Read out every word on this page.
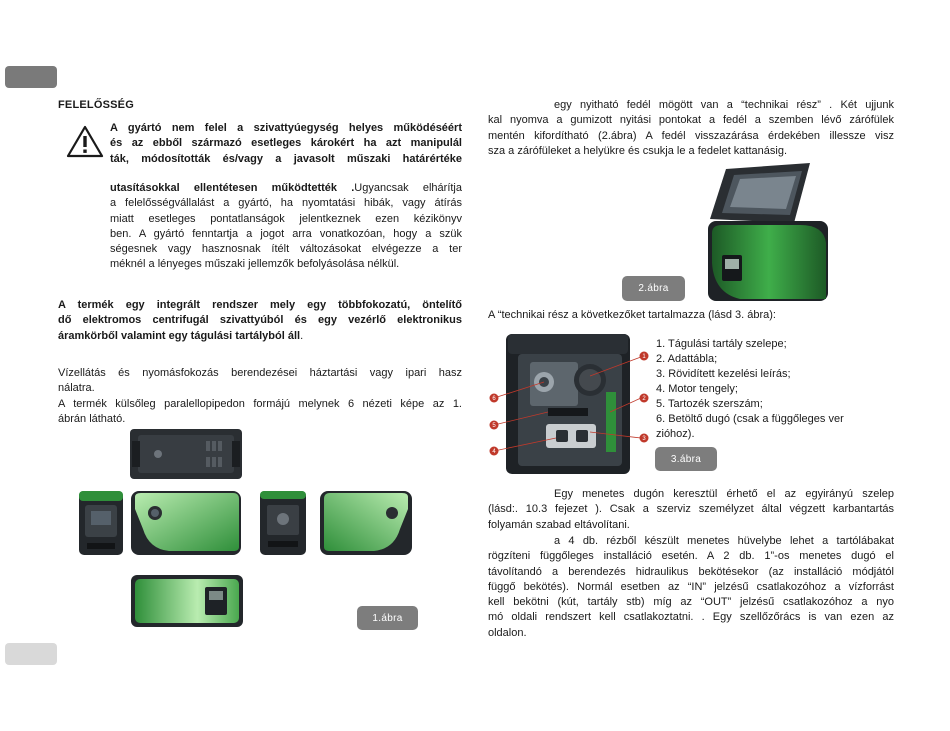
FELELŐSSÉG

A gyártó nem felel a szivattyúegység helyes működéséért

és az ebből származó esetleges károkért ha azt manipulál

ták, módosították és/vagy a javasolt műszaki határértéke

utasításokkal ellentétesen működtették .Ugyancsak elhárítja

a felelősségvállalást a gyártó, ha nyomtatási hibák, vagy átírás

miatt esetleges pontatlanságok jelentkeznek ezen kézikönyv

ben. A gyártó fenntartja a jogot arra vonatkozóan, hogy a szük

ségesnek vagy hasznosnak ítélt változásokat elvégezze a ter

méknél a lényeges műszaki jellemzők befolyásolása nélkül.

A termék egy integrált rendszer mely egy többfokozatú, öntelítő

dő elektromos centrifugál szivattyúból és egy vezérlő elektronikus

áramkörből valamint egy tágulási tartályból áll.

Vízellátás és nyomásfokozás berendezései háztartási vagy ipari hasz

nálatra.

A termék külsőleg paralellopipedon formájú melynek 6 nézeti képe az 1.

ábrán látható.

1.ábra

egy nyitható fedél mögött van a “technikai rész” . Két ujjunk

kal nyomva a gumizott nyitási pontokat a fedél a szemben lévő zárófülek

mentén kifordítható (2.ábra) A fedél visszazárása érdekében illessze visz

sza a zárófüleket a helyükre és csukja le a fedelet kattanásig.

2.ábra

A “technikai rész a következőket tartalmazza (lásd 3. ábra):

1
2
3
4
5
6
1. Tágulási tartály szelepe;
2. Adattábla;
3. Rövidített kezelési leírás;
4. Motor tengely;
5. Tartozék szerszám;
6. Betöltő dugó (csak a függőleges ver
zióhoz).
3.ábra

Egy menetes dugón keresztül érhető el az egyirányú szelep

(lásd:. 10.3 fejezet ). Csak a szerviz személyzet által végzett karbantartás

folyamán szabad eltávolítani.

a 4 db. rézből készült menetes hüvelybe lehet a tartólábakat

rögzíteni függőleges installáció esetén. A 2 db. 1”-os menetes dugó el

távolítandó a berendezés hidraulikus bekötésekor (az installáció módjától

függő bekötés). Normál esetben az “IN” jelzésű csatlakozóhoz a vízforrást

kell bekötni (kút, tartály stb) míg az “OUT” jelzésű csatlakozóhoz a nyo

mó oldali rendszert kell csatlakoztatni. . Egy szellőzőrács is van ezen az

oldalon.
